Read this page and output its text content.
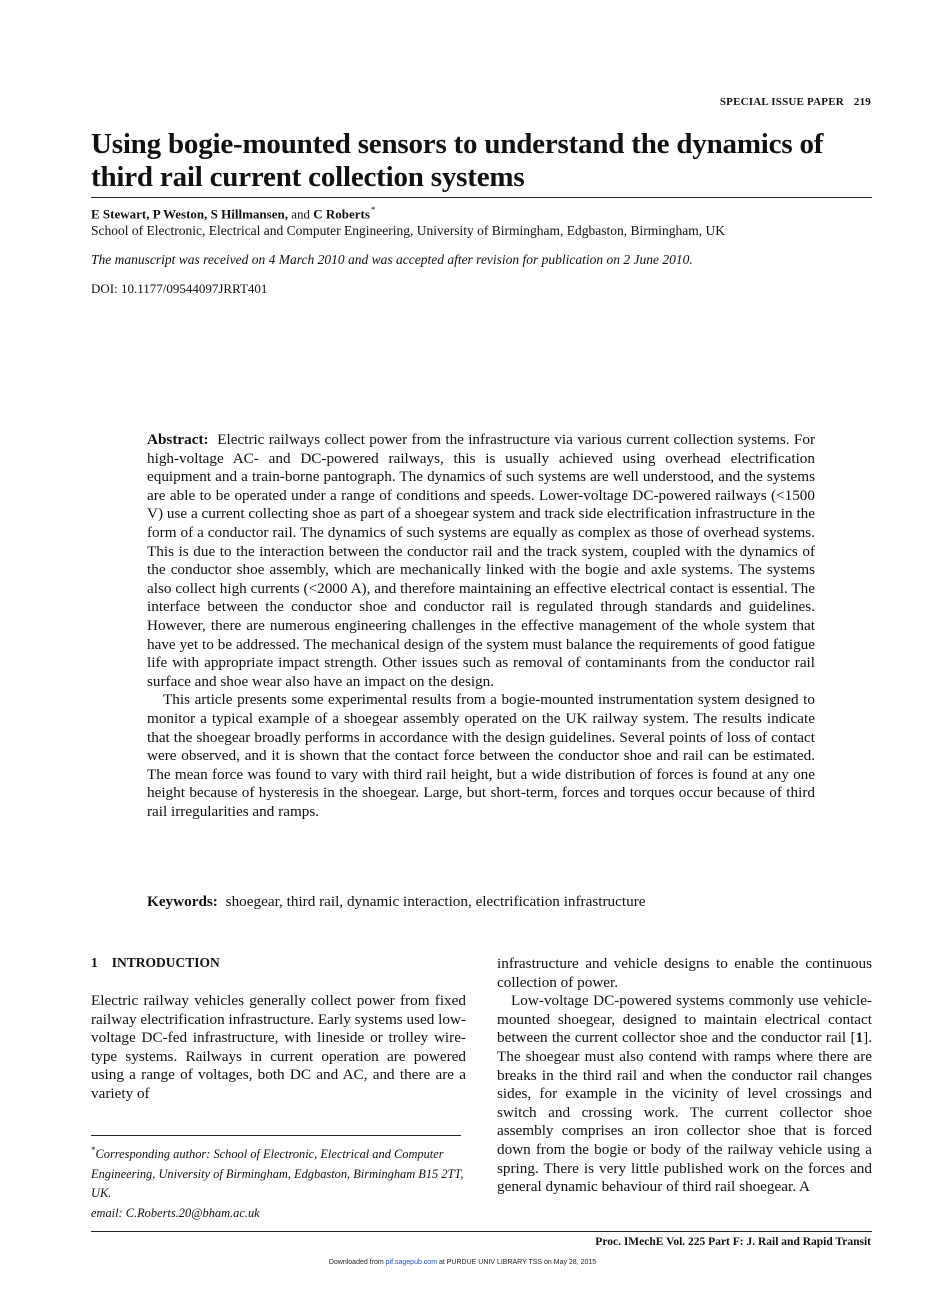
SPECIAL ISSUE PAPER 219
Using bogie-mounted sensors to understand the dynamics of third rail current collection systems
E Stewart, P Weston, S Hillmansen, and C Roberts*
School of Electronic, Electrical and Computer Engineering, University of Birmingham, Edgbaston, Birmingham, UK
The manuscript was received on 4 March 2010 and was accepted after revision for publication on 2 June 2010.
DOI: 10.1177/09544097JRRT401

Abstract: Electric railways collect power from the infrastructure via various current collection systems. For high-voltage AC- and DC-powered railways, this is usually achieved using overhead electrification equipment and a train-borne pantograph. The dynamics of such systems are well understood, and the systems are able to be operated under a range of conditions and speeds. Lower-voltage DC-powered railways (<1500 V) use a current collecting shoe as part of a shoegear system and track side electrification infrastructure in the form of a conductor rail. The dynamics of such systems are equally as complex as those of overhead systems. This is due to the interaction between the conductor rail and the track system, coupled with the dynamics of the conductor shoe assembly, which are mechanically linked with the bogie and axle systems. The systems also collect high currents (<2000 A), and therefore maintaining an effective electrical contact is essential. The interface between the conductor shoe and conductor rail is regulated through standards and guidelines. However, there are numerous engineering challenges in the effective management of the whole system that have yet to be addressed. The mechanical design of the system must balance the requirements of good fatigue life with appropriate impact strength. Other issues such as removal of contaminants from the conductor rail surface and shoe wear also have an impact on the design.

This article presents some experimental results from a bogie-mounted instrumentation system designed to monitor a typical example of a shoegear assembly operated on the UK railway system. The results indicate that the shoegear broadly performs in accordance with the design guidelines. Several points of loss of contact were observed, and it is shown that the contact force between the conductor shoe and rail can be estimated. The mean force was found to vary with third rail height, but a wide distribution of forces is found at any one height because of hysteresis in the shoegear. Large, but short-term, forces and torques occur because of third rail irregularities and ramps.

Keywords: shoegear, third rail, dynamic interaction, electrification infrastructure
1 INTRODUCTION

Electric railway vehicles generally collect power from fixed railway electrification infrastructure. Early systems used low-voltage DC-fed infrastructure, with lineside or trolley wire-type systems. Railways in current operation are powered using a range of voltages, both DC and AC, and there are a variety of

infrastructure and vehicle designs to enable the continuous collection of power.

Low-voltage DC-powered systems commonly use vehicle-mounted shoegear, designed to maintain electrical contact between the current collector shoe and the conductor rail [1]. The shoegear must also contend with ramps where there are breaks in the third rail and when the conductor rail changes sides, for example in the vicinity of level crossings and switch and crossing work. The current collector shoe assembly comprises an iron collector shoe that is forced down from the bogie or body of the railway vehicle using a spring. There is very little published work on the forces and general dynamic behaviour of third rail shoegear. A

*Corresponding author: School of Electronic, Electrical and Computer Engineering, University of Birmingham, Edgbaston, Birmingham B15 2TT, UK.

email: C.Roberts.20@bham.ac.uk

Proc. IMechE Vol. 225 Part F: J. Rail and Rapid Transit
Downloaded from pif.sagepub.com at PURDUE UNIV LIBRARY TSS on May 28, 2015
